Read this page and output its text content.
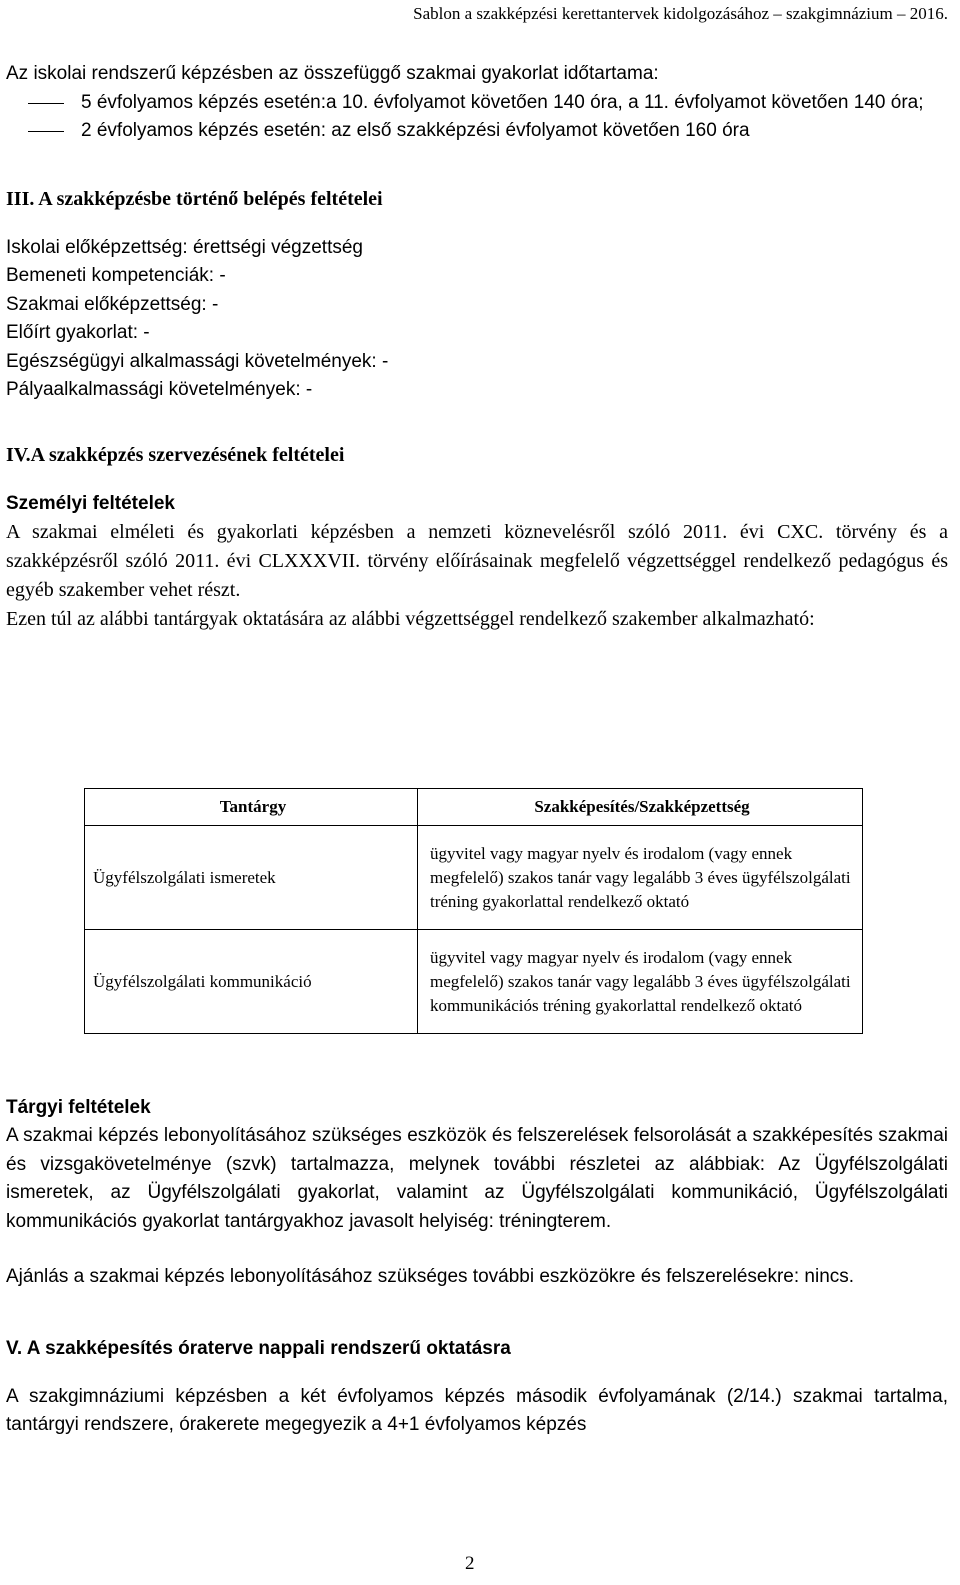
Sablon a szakképzési kerettantervek kidolgozásához – szakgimnázium – 2016.

Az iskolai rendszerű képzésben az összefüggő szakmai gyakorlat időtartama:

5 évfolyamos képzés esetén:a 10. évfolyamot követően 140 óra, a 11. évfolyamot követően 140 óra;

2 évfolyamos képzés esetén: az első szakképzési évfolyamot követően 160 óra

III. A szakképzésbe történő belépés feltételei

Iskolai előképzettség: érettségi végzettség

Bemeneti kompetenciák: -

Szakmai előképzettség: -

Előírt gyakorlat: -

Egészségügyi alkalmassági követelmények: -

Pályaalkalmassági követelmények: -

IV.A szakképzés szervezésének feltételei

Személyi feltételek

A szakmai elméleti és gyakorlati képzésben a nemzeti köznevelésről szóló 2011. évi CXC. törvény és a szakképzésről szóló 2011. évi CLXXXVII. törvény előírásainak megfelelő végzettséggel rendelkező pedagógus és egyéb szakember vehet részt.

Ezen túl az alábbi tantárgyak oktatására az alábbi végzettséggel rendelkező szakember alkalmazható:

Tantárgy	Szakképesítés/Szakképzettség
Ügyfélszolgálati ismeretek	ügyvitel vagy magyar nyelv és irodalom (vagy ennek megfelelő) szakos tanár vagy legalább 3 éves ügyfélszolgálati tréning gyakorlattal rendelkező oktató
Ügyfélszolgálati kommunikáció	ügyvitel vagy magyar nyelv és irodalom (vagy ennek megfelelő) szakos tanár vagy legalább 3 éves ügyfélszolgálati kommunikációs tréning gyakorlattal rendelkező oktató

Tárgyi feltételek

A szakmai képzés lebonyolításához szükséges eszközök és felszerelések felsorolását a szakképesítés szakmai és vizsgakövetelménye (szvk) tartalmazza, melynek további részletei az alábbiak: Az Ügyfélszolgálati ismeretek, az Ügyfélszolgálati gyakorlat, valamint az Ügyfélszolgálati kommunikáció, Ügyfélszolgálati kommunikációs gyakorlat tantárgyakhoz javasolt helyiség: tréningterem.

Ajánlás a szakmai képzés lebonyolításához szükséges további eszközökre és felszerelésekre: nincs.

V. A szakképesítés óraterve nappali rendszerű oktatásra

A szakgimnáziumi képzésben a két évfolyamos képzés második évfolyamának (2/14.) szakmai tartalma, tantárgyi rendszere, órakerete megegyezik a 4+1 évfolyamos képzés

2
